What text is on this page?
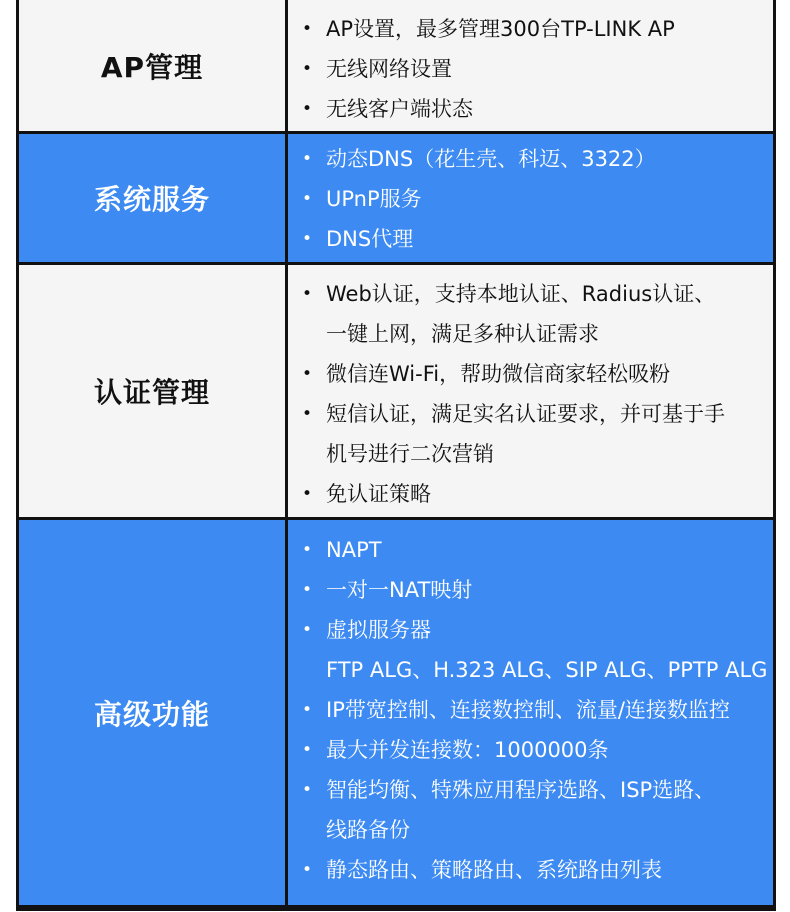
AP管理
• AP设置，最多管理300台TP-LINK AP
• 无线网络设置
• 无线客户端状态
系统服务
• 动态DNS（花生壳、科迈、3322）
• UPnP服务
• DNS代理
认证管理
• Web认证，支持本地认证、Radius认证、
一键上网，满足多种认证需求
• 微信连Wi-Fi，帮助微信商家轻松吸粉
• 短信认证，满足实名认证要求，并可基于手
机号进行二次营销
• 免认证策略
高级功能
• NAPT
• 一对一NAT映射
• 虚拟服务器
FTP ALG、H.323 ALG、SIP ALG、PPTP ALG
• IP带宽控制、连接数控制、流量/连接数监控
• 最大并发连接数：1000000条
• 智能均衡、特殊应用程序选路、ISP选路、
线路备份
• 静态路由、策略路由、系统路由列表
